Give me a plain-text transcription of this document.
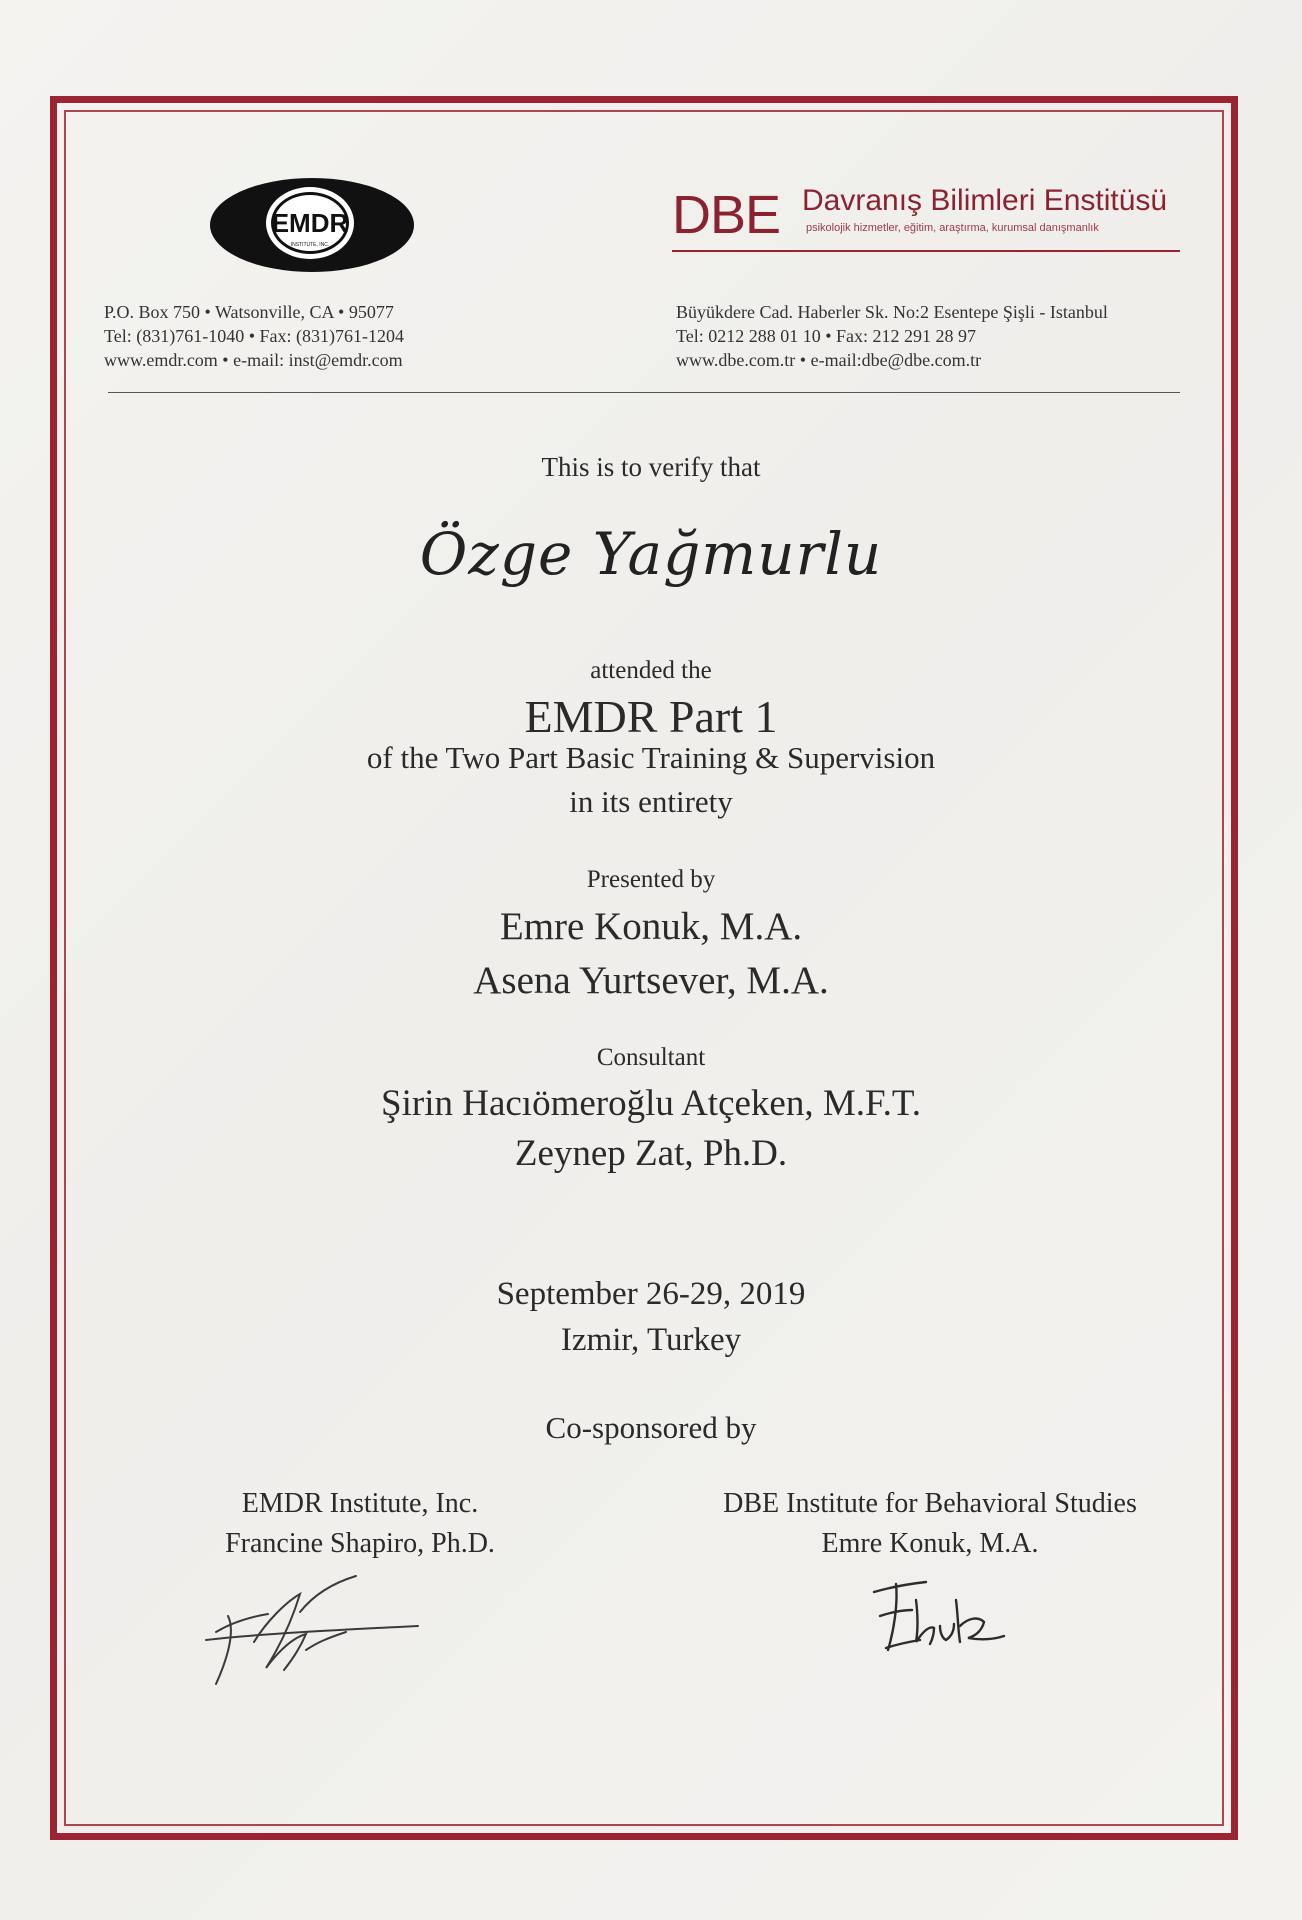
EMDR
INSTITUTE, INC.	DBE Davranış Bilimleri Enstitüsü
psikolojik hizmetler, eğitim, araştırma, kurumsal danışmanlık
P.O. Box 750 • Watsonville, CA • 95077
Tel: (831)761-1040 • Fax: (831)761-1204
www.emdr.com • e-mail: inst@emdr.com
Büyükdere Cad. Haberler Sk. No:2 Esentepe Şişli - Istanbul
Tel: 0212 288 01 10 • Fax: 212 291 28 97
www.dbe.com.tr • e-mail:dbe@dbe.com.tr
This is to verify that
Özge Yağmurlu
attended the
EMDR Part 1
of the Two Part Basic Training & Supervision
in its entirety
Presented by
Emre Konuk, M.A.
Asena Yurtsever, M.A.
Consultant
Şirin Hacıömeroğlu Atçeken, M.F.T.
Zeynep Zat, Ph.D.
September 26-29, 2019
Izmir, Turkey
Co-sponsored by
EMDR Institute, Inc.
Francine Shapiro, Ph.D.
DBE Institute for Behavioral Studies
Emre Konuk, M.A.
